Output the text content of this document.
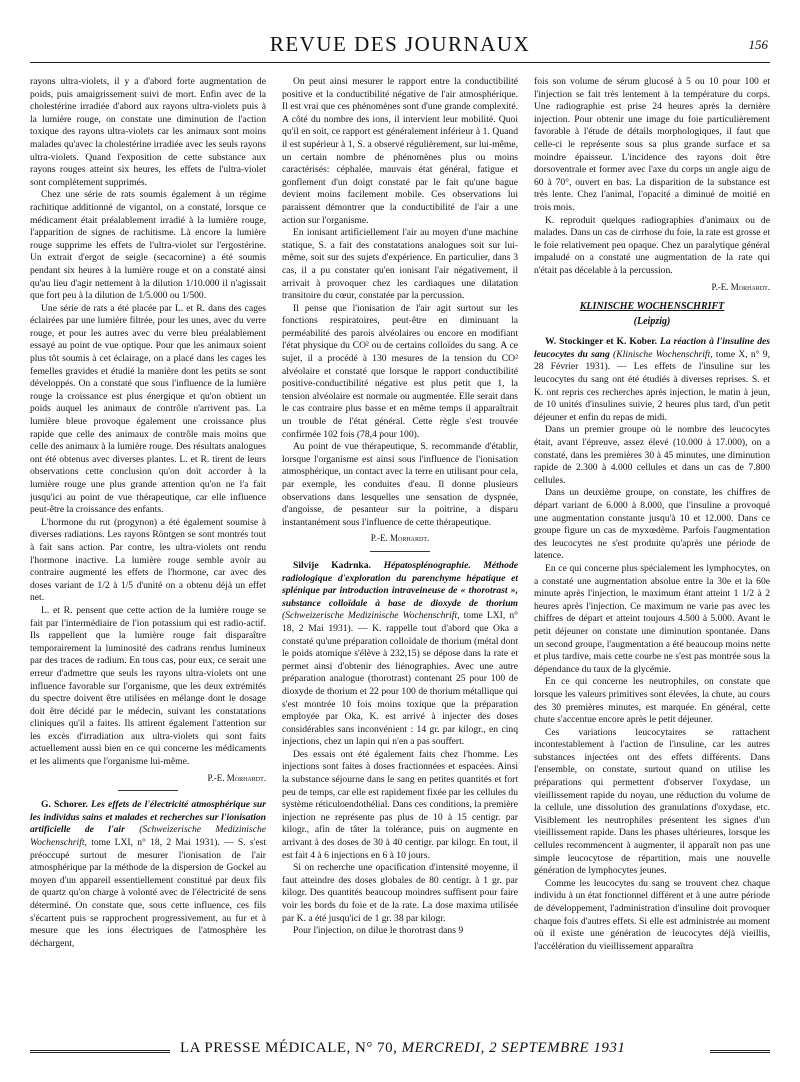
REVUE DES JOURNAUX	156

rayons ultra-violets, il y a d'abord forte augmentation de poids, puis amaigrissement suivi de mort. Enfin avec de la cholestérine irradiée d'abord aux rayons ultra-violets puis à la lumière rouge, on constate une diminution de l'action toxique des rayons ultra-violets car les animaux sont moins malades qu'avec la cholestérine irradiée avec les seuls rayons ultra-violets. Quand l'exposition de cette substance aux rayons rouges atteint six heures, les effets de l'ultra-violet sont complètement supprimés.

Chez une série de rats soumis également à un régime rachitique additionné de vigantol, on a constaté, lorsque ce médicament était préalablement irradié à la lumière rouge, l'apparition de signes de rachitisme. Là encore la lumière rouge supprime les effets de l'ultra-violet sur l'ergostérine. Un extrait d'ergot de seigle (secacornine) a été soumis pendant six heures à la lumière rouge et on a constaté ainsi qu'au lieu d'agir nettement à la dilution 1/10.000 il n'agissait que fort peu à la dilution de 1/5.000 ou 1/500.

Une série de rats a été placée par L. et R. dans des cages éclairées par une lumière filtrée, pour les unes, avec du verre rouge, et pour les autres avec du verre bleu préalablement essayé au point de vue optique. Pour que les animaux soient plus tôt soumis à cet éclairage, on a placé dans les cages les femelles gravides et étudié la manière dont les petits se sont développés. On a constaté que sous l'influence de la lumière rouge la croissance est plus énergique et qu'on obtient un poids auquel les animaux de contrôle n'arrivent pas. La lumière bleue provoque également une croissance plus rapide que celle des animaux de contrôle mais moins que celle des animaux à la lumière rouge. Des résultats analogues ont été obtenus avec diverses plantes. L. et R. tirent de leurs observations cette conclusion qu'on doit accorder à la lumière rouge une plus grande attention qu'on ne l'a fait jusqu'ici au point de vue thérapeutique, car elle influence peut-être la croissance des enfants.

L'hormone du rut (progynon) a été également soumise à diverses radiations. Les rayons Röntgen se sont montrés tout à fait sans action. Par contre, les ultra-violets ont rendu l'hormone inactive. La lumière rouge semble avoir au contraire augmenté les effets de l'hormone, car avec des doses variant de 1/2 à 1/5 d'unité on a obtenu déjà un effet net.

L. et R. pensent que cette action de la lumière rouge se fait par l'intermédiaire de l'ion potassium qui est radio-actif. Ils rappellent que la lumière rouge fait disparaître temporairement la luminosité des cadrans rendus lumineux par des traces de radium. En tous cas, pour eux, ce serait une erreur d'admettre que seuls les rayons ultra-violets ont une influence favorable sur l'organisme, que les deux extrémités du spectre doivent être utilisées en mélange dont le dosage doit être décidé par le médecin, suivant les constatations cliniques qu'il a faites. Ils attirent également l'attention sur les excès d'irradiation aux ultra-violets qui sont faits actuellement aussi bien en ce qui concerne les médicaments et les aliments que l'organisme lui-même.

P.-E. Morhardt.

G. Schorer. Les effets de l'électricité atmosphérique sur les individus sains et malades et recherches sur l'ionisation artificielle de l'air (Schweizerische Medizinische Wochenschrift, tome LXI, n° 18, 2 Mai 1931). — S. s'est préoccupé surtout de mesurer l'ionisation de l'air atmosphérique par la méthode de la dispersion de Gockel au moyen d'un appareil essentiellement constitué par deux fils de quartz qu'on charge à volonté avec de l'électricité de sens déterminé. On constate que, sous cette influence, ces fils s'écartent puis se rapprochent progressivement, au fur et à mesure que les ions électriques de l'atmosphère les déchargent,

On peut ainsi mesurer le rapport entre la conductibilité positive et la conductibilité négative de l'air atmosphérique. Il est vrai que ces phénomènes sont d'une grande complexité. A côté du nombre des ions, il intervient leur mobilité. Quoi qu'il en soit, ce rapport est généralement inférieur à 1. Quand il est supérieur à 1, S. a observé régulièrement, sur lui-même, un certain nombre de phénomènes plus ou moins caractérisés: céphalée, mauvais état général, fatigue et gonflement d'un doigt constaté par le fait qu'une bague devient moins facilement mobile. Ces observations lui paraissent démontrer que la conductibilité de l'air a une action sur l'organisme.

En ionisant artificiellement l'air au moyen d'une machine statique, S. a fait des constatations analogues soit sur lui-même, soit sur des sujets d'expérience. En particulier, dans 3 cas, il a pu constater qu'en ionisant l'air négativement, il arrivait à provoquer chez les cardiaques une dilatation transitoire du cœur, constatée par la percussion.

Il pense que l'ionisation de l'air agit surtout sur les fonctions respiratoires, peut-être en diminuant la perméabilité des parois alvéolaires ou encore en modifiant l'état physique du CO² ou de certains colloïdes du sang. A ce sujet, il a procédé à 130 mesures de la tension du CO² alvéolaire et constaté que lorsque le rapport conductibilité positive-conductibilité négative est plus petit que 1, la tension alvéolaire est normale ou augmentée. Elle serait dans le cas contraire plus basse et en même temps il apparaîtrait un trouble de l'état général. Cette règle s'est trouvée confirmée 102 fois (78,4 pour 100).

Au point de vue thérapeutique, S. recommande d'établir, lorsque l'organisme est ainsi sous l'influence de l'ionisation atmosphérique, un contact avec la terre en utilisant pour cela, par exemple, les conduites d'eau. Il donne plusieurs observations dans lesquelles une sensation de dyspnée, d'angoisse, de pesanteur sur la poitrine, a disparu instantanément sous l'influence de cette thérapeutique.

P.-E. Morhardt.

Silvije Kadrnka. Hépatosplénographie. Méthode radiologique d'exploration du parenchyme hépatique et splénique par introduction intraveineuse de « thorotrast », substance colloïdale à base de dioxyde de thorium (Schweizerische Medizinische Wochenschrift, tome LXI, n° 18, 2 Mai 1931). — K. rappelle tout d'abord que Oka a constaté qu'une préparation colloïdale de thorium (métal dont le poids atomique s'élève à 232,15) se dépose dans la rate et permet ainsi d'obtenir des liénographies. Avec une autre préparation analogue (thorotrast) contenant 25 pour 100 de dioxyde de thorium et 22 pour 100 de thorium métallique qui s'est montrée 10 fois moins toxique que la préparation employée par Oka, K. est arrivé à injecter des doses considérables sans inconvénient : 14 gr. par kilogr., en cinq injections, chez un lapin qui n'en a pas souffert.

Des essais ont été également faits chez l'homme. Les injections sont faites à doses fractionnées et espacées. Ainsi la substance séjourne dans le sang en petites quantités et fort peu de temps, car elle est rapidement fixée par les cellules du système réticuloendothélial. Dans ces conditions, la première injection ne représente pas plus de 10 à 15 centigr. par kilogr., afin de tâter la tolérance, puis on augmente en arrivant à des doses de 30 à 40 centigr. par kilogr. En tout, il est fait 4 à 6 injections en 6 à 10 jours.

Si on recherche une opacification d'intensité moyenne, il faut atteindre des doses globales de 80 centigr. à 1 gr. par kilogr. Des quantités beaucoup moindres suffisent pour faire voir les bords du foie et de la rate. La dose maxima utilisée par K. a été jusqu'ici de 1 gr. 38 par kilogr.

Pour l'injection, on dilue le thorotrast dans 9

fois son volume de sérum glucosé à 5 ou 10 pour 100 et l'injection se fait très lentement à la température du corps. Une radiographie est prise 24 heures après la dernière injection. Pour obtenir une image du foie particulièrement favorable à l'étude de détails morphologiques, il faut que celle-ci le représente sous sa plus grande surface et sa moindre épaisseur. L'incidence des rayons doit être dorsoventrale et former avec l'axe du corps un angle aigu de 60 à 70°, ouvert en bas. La disparition de la substance est très lente. Chez l'animal, l'opacité a diminué de moitié en trois mois.

K. reproduit quelques radiographies d'animaux ou de malades. Dans un cas de cirrhose du foie, la rate est grosse et le foie relativement peu opaque. Chez un paralytique général impaludé on a constaté une augmentation de la rate qui n'était pas décelable à la percussion.

P.-E. Morhardt.
KLINISCHE WOCHENSCHRIFT
(Leipzig)

W. Stockinger et K. Kober. La réaction à l'insuline des leucocytes du sang (Klinische Wochenschrift, tome X, n° 9, 28 Février 1931). — Les effets de l'insuline sur les leucocytes du sang ont été étudiés à diverses reprises. S. et K. ont repris ces recherches après injection, le matin à jeun, de 10 unités d'insulines suivie, 2 heures plus tard, d'un petit déjeuner et enfin du repas de midi.

Dans un premier groupe où le nombre des leucocytes était, avant l'épreuve, assez élevé (10.000 à 17.000), on a constaté, dans les premières 30 à 45 minutes, une diminution rapide de 2.300 à 4.000 cellules et dans un cas de 7.800 cellules.

Dans un deuxième groupe, on constate, les chiffres de départ variant de 6.000 à 8.000, que l'insuline a provoqué une augmentation constante jusqu'à 10 et 12.000. Dans ce groupe figure un cas de myxœdème. Parfois l'augmentation des leucocytes ne s'est produite qu'après une période de latence.

En ce qui concerne plus spécialement les lymphocytes, on a constaté une augmentation absolue entre la 30e et la 60e minute après l'injection, le maximum étant atteint 1 1/2 à 2 heures après l'injection. Ce maximum ne varie pas avec les chiffres de départ et atteint toujours 4.500 à 5.000. Avant le petit déjeuner on constate une diminution spontanée. Dans un second groupe, l'augmentation a été beaucoup moins nette et plus tardive, mais cette courbe ne s'est pas montrée sous la dépendance du taux de la glycémie.

En ce qui concerne les neutrophiles, on constate que lorsque les valeurs primitives sont élevées, la chute, au cours des 30 premières minutes, est marquée. En général, cette chute s'accentue encore après le petit déjeuner.

Ces variations leucocytaires se rattachent incontestablement à l'action de l'insuline, car les autres substances injectées ont des effets différents. Dans l'ensemble, on constate, surtout quand on utilise les préparations qui permettent d'observer l'oxydase, un vieillissement rapide du noyau, une réduction du volume de la cellule, une dissolution des granulations d'oxydase, etc. Visiblement les neutrophiles présentent les signes d'un vieillissement rapide. Dans les phases ultérieures, lorsque les cellules recommencent à augmenter, il apparaît non pas une simple leucocytose de répartition, mais une nouvelle génération de lymphocytes jeunes.

Comme les leucocytes du sang se trouvent chez chaque individu à un état fonctionnel différent et à une autre période de développement, l'administration d'insuline doit provoquer chaque fois d'autres effets. Si elle est administrée au moment où il existe une génération de leucocytes déjà vieillis, l'accélération du vieillissement apparaîtra

LA PRESSE MÉDICALE, N° 70, MERCREDI, 2 SEPTEMBRE 1931
